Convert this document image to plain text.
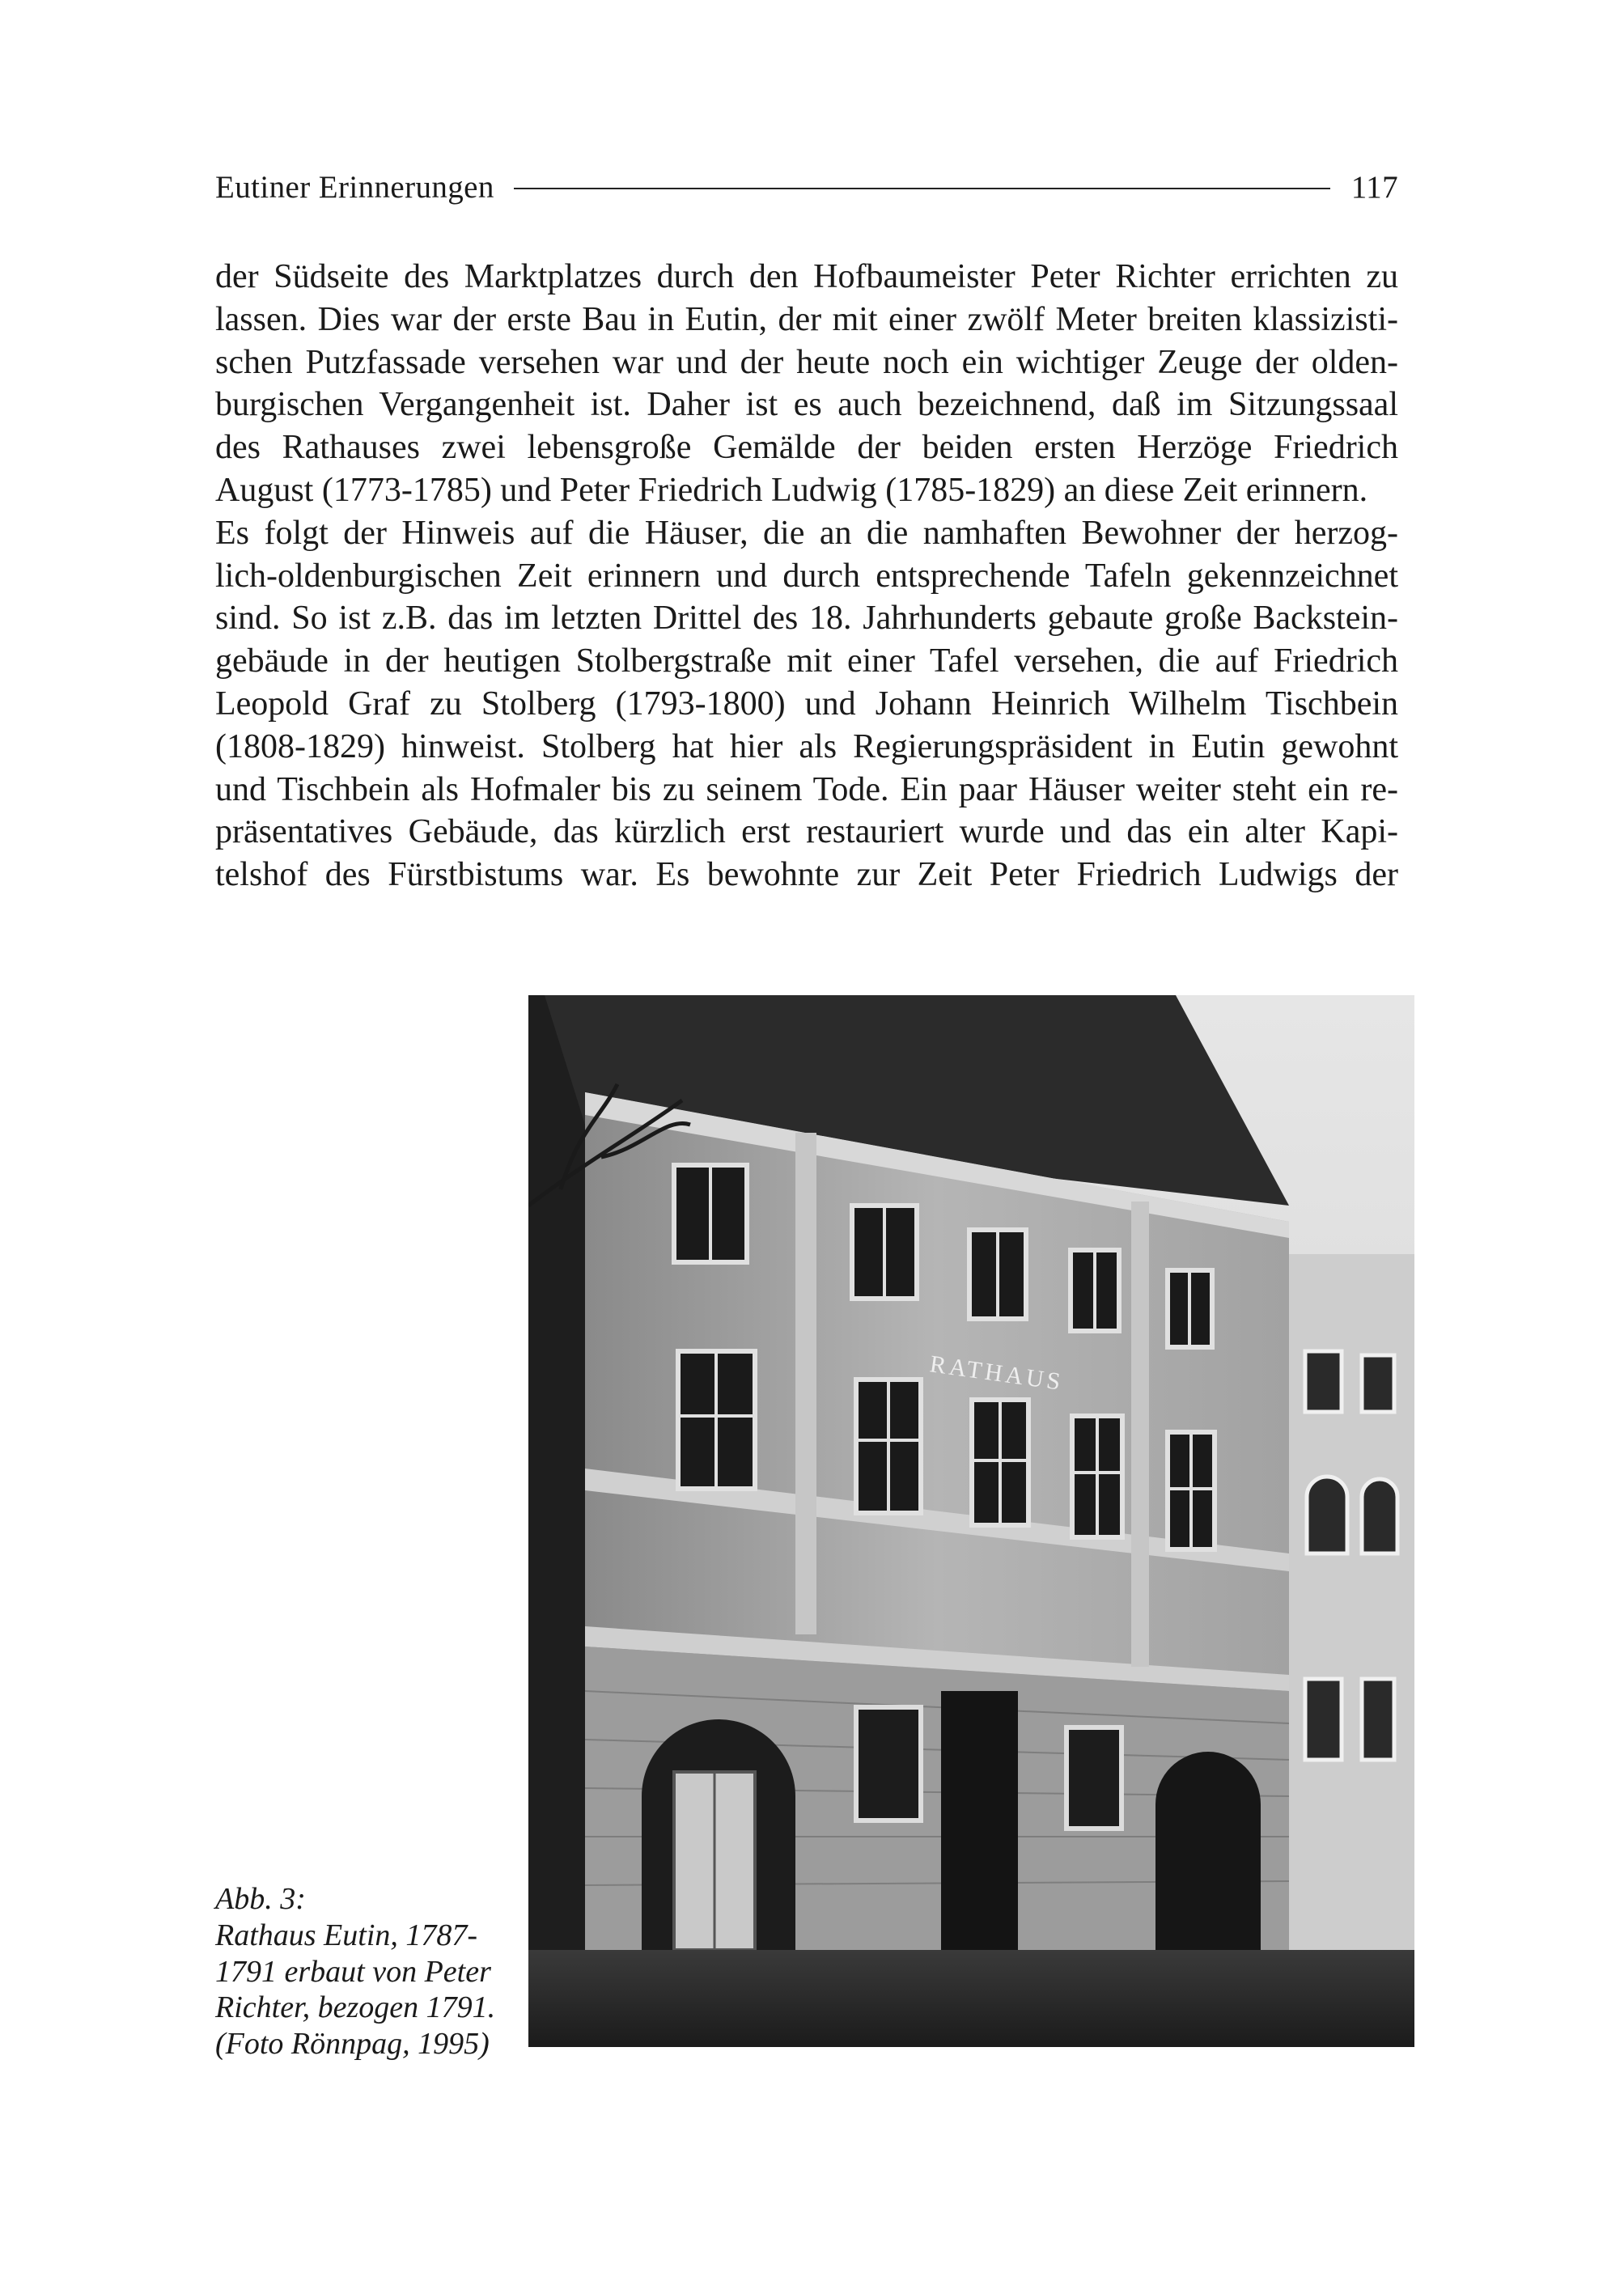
Eutiner Erinnerungen	117

der Südseite des Marktplatzes durch den Hofbaumeister Peter Richter errichten zu
lassen. Dies war der erste Bau in Eutin, der mit einer zwölf Meter breiten klassizisti-
schen Putzfassade versehen war und der heute noch ein wichtiger Zeuge der olden-
burgischen Vergangenheit ist. Daher ist es auch bezeichnend, daß im Sitzungssaal
des Rathauses zwei lebensgroße Gemälde der beiden ersten Herzöge Friedrich
August (1773-1785) und Peter Friedrich Ludwig (1785-1829) an diese Zeit erinnern.
Es folgt der Hinweis auf die Häuser, die an die namhaften Bewohner der herzog-
lich-oldenburgischen Zeit erinnern und durch entsprechende Tafeln gekennzeichnet
sind. So ist z.B. das im letzten Drittel des 18. Jahrhunderts gebaute große Backstein-
gebäude in der heutigen Stolbergstraße mit einer Tafel versehen, die auf Friedrich
Leopold Graf zu Stolberg (1793-1800) und Johann Heinrich Wilhelm Tischbein
(1808-1829) hinweist. Stolberg hat hier als Regierungspräsident in Eutin gewohnt
und Tischbein als Hofmaler bis zu seinem Tode. Ein paar Häuser weiter steht ein re-
präsentatives Gebäude, das kürzlich erst restauriert wurde und das ein alter Kapi-
telshof des Fürstbistums war. Es bewohnte zur Zeit Peter Friedrich Ludwigs der

RATHAUS
Abb. 3:
Rathaus Eutin, 1787-
1791 erbaut von Peter
Richter, bezogen 1791.
(Foto Rönnpag, 1995)
